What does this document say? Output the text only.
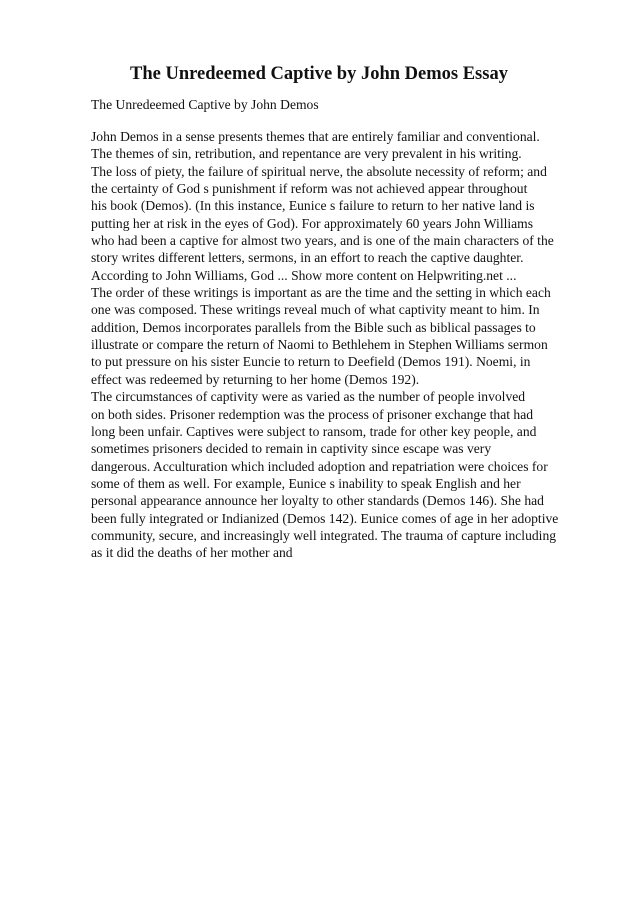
The Unredeemed Captive by John Demos Essay
The Unredeemed Captive by John Demos
John Demos in a sense presents themes that are entirely familiar and conventional.
The themes of sin, retribution, and repentance are very prevalent in his writing.
The loss of piety, the failure of spiritual nerve, the absolute necessity of reform; and
the certainty of God s punishment if reform was not achieved appear throughout
his book (Demos). (In this instance, Eunice s failure to return to her native land is
putting her at risk in the eyes of God). For approximately 60 years John Williams
who had been a captive for almost two years, and is one of the main characters of the
story writes different letters, sermons, in an effort to reach the captive daughter.
According to John Williams, God ... Show more content on Helpwriting.net ...
The order of these writings is important as are the time and the setting in which each
one was composed. These writings reveal much of what captivity meant to him. In
addition, Demos incorporates parallels from the Bible such as biblical passages to
illustrate or compare the return of Naomi to Bethlehem in Stephen Williams sermon
to put pressure on his sister Euncie to return to Deefield (Demos 191). Noemi, in
effect was redeemed by returning to her home (Demos 192).
The circumstances of captivity were as varied as the number of people involved
on both sides. Prisoner redemption was the process of prisoner exchange that had
long been unfair. Captives were subject to ransom, trade for other key people, and
sometimes prisoners decided to remain in captivity since escape was very
dangerous. Acculturation which included adoption and repatriation were choices for
some of them as well. For example, Eunice s inability to speak English and her
personal appearance announce her loyalty to other standards (Demos 146). She had
been fully integrated or Indianized (Demos 142). Eunice comes of age in her adoptive
community, secure, and increasingly well integrated. The trauma of capture including
as it did the deaths of her mother and
